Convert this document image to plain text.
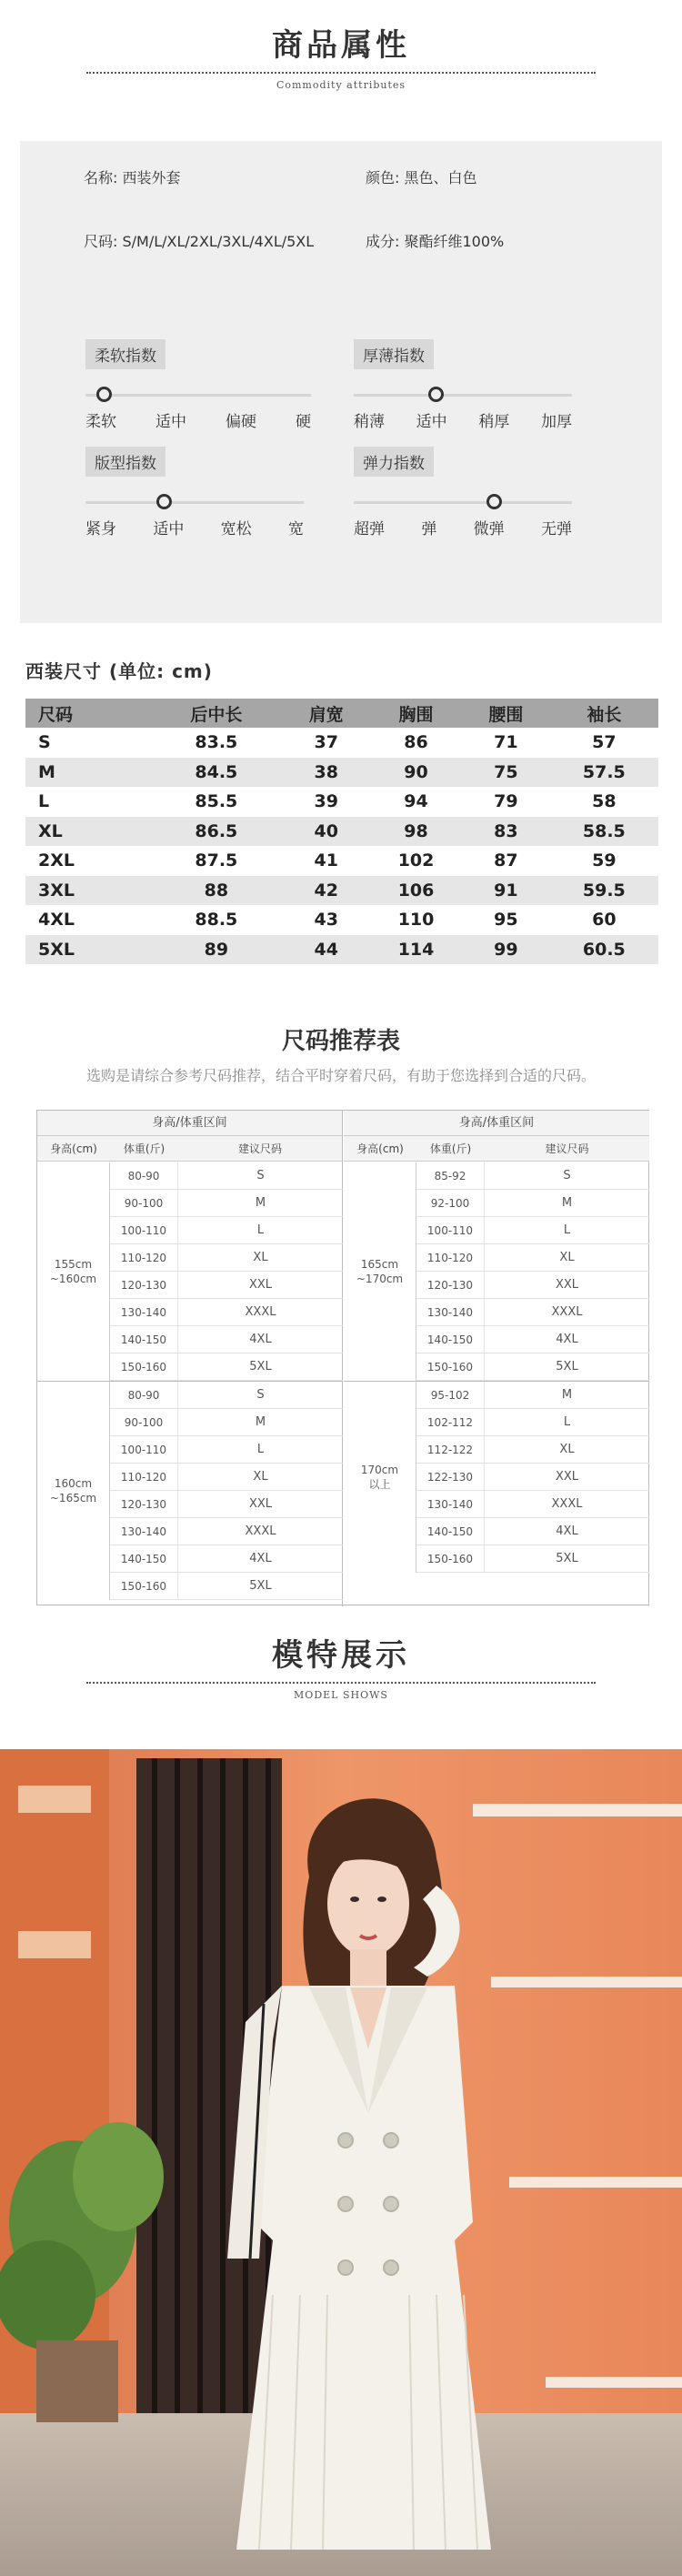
商品属性
Commodity attributes
名称: 西装外套	颜色: 黑色、白色
尺码: S/M/L/XL/2XL/3XL/4XL/5XL	成分: 聚酯纤维100%
柔软指数
柔软	适中	偏硬	硬
厚薄指数
稍薄 适中 稍厚 加厚
版型指数
紧身 适中 宽松 宽
弹力指数
超弹 弹 微弹 无弹
西装尺寸 (单位: cm)
尺码	后中长	肩宽	胸围	腰围	袖长
S	83.5	37	86	71	57
M	84.5	38	90	75	57.5
L	85.5	39	94	79	58
XL	86.5	40	98	83	58.5
2XL	87.5	41	102	87	59
3XL	88	42	106	91	59.5
4XL	88.5	43	110	95	60
5XL	89	44	114	99	60.5
尺码推荐表
选购是请综合参考尺码推荐，结合平时穿着尺码，有助于您选择到合适的尺码。
身高/体重区间
身高(cm)	体重(斤)	建议尺码
155cm
~160cm
80-90	S
90-100	M
100-110	L
110-120	XL
120-130	XXL
130-140	XXXL
140-150	4XL
150-160	5XL
160cm
~165cm
80-90	S
90-100	M
100-110	L
110-120	XL
120-130	XXL
130-140	XXXL
140-150	4XL
150-160	5XL
身高/体重区间
身高(cm)	体重(斤)	建议尺码
165cm
~170cm
85-92	S
92-100	M
100-110	L
110-120	XL
120-130	XXL
130-140	XXXL
140-150	4XL
150-160	5XL
170cm
以上
95-102	M
102-112	L
112-122	XL
122-130	XXL
130-140	XXXL
140-150	4XL
150-160	5XL
模特展示
MODEL SHOWS
